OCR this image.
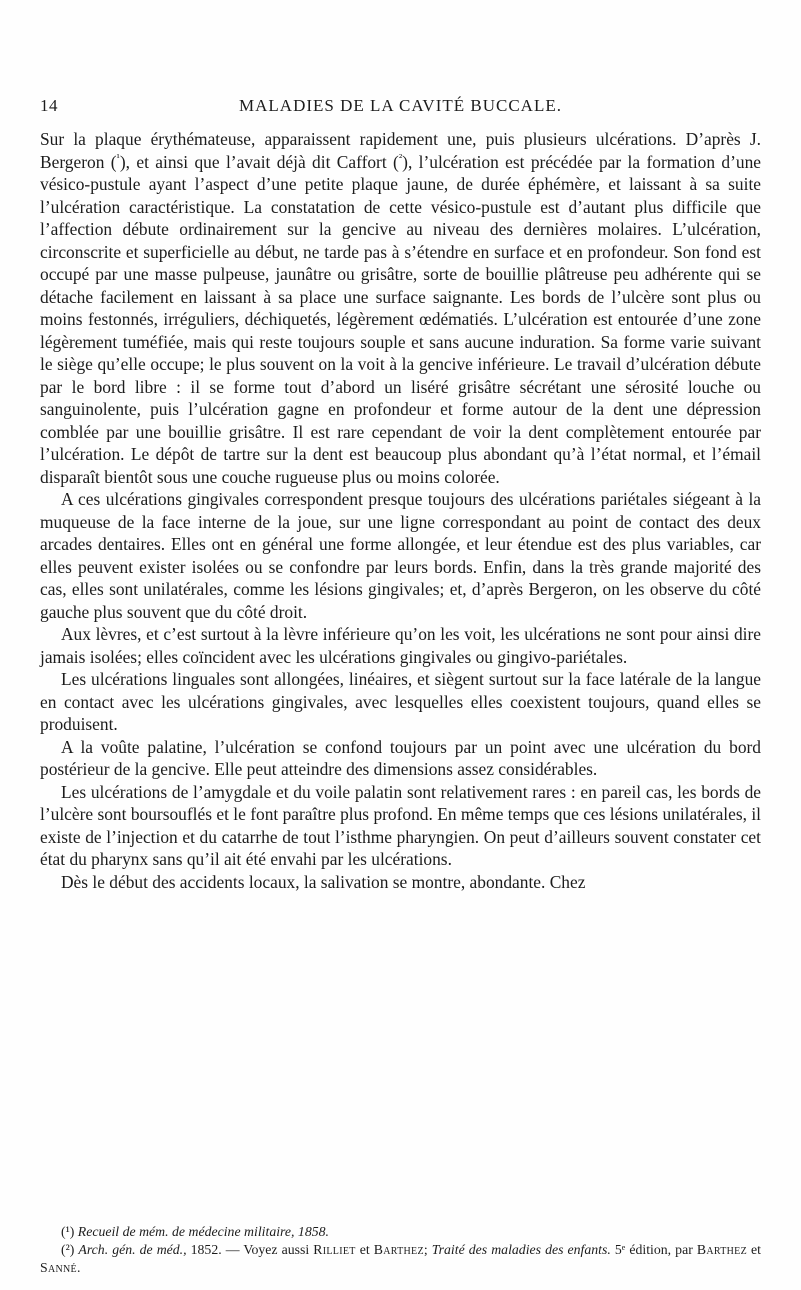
14	MALADIES DE LA CAVITÉ BUCCALE.

Sur la plaque érythémateuse, apparaissent rapidement une, puis plusieurs ulcérations. D’après J. Bergeron ($^{^1}$), et ainsi que l’avait déjà dit Caffort ($^{^2}$), l’ulcération est précédée par la formation d’une vésico-pustule ayant l’aspect d’une petite plaque jaune, de durée éphémère, et laissant à sa suite l’ulcération caractéristique. La constatation de cette vésico-pustule est d’autant plus difficile que l’affection débute ordinairement sur la gencive au niveau des dernières molaires. L’ulcération, circonscrite et superficielle au début, ne tarde pas à s’étendre en surface et en profondeur. Son fond est occupé par une masse pulpeuse, jaunâtre ou grisâtre, sorte de bouillie plâtreuse peu adhérente qui se détache facilement en laissant à sa place une surface saignante. Les bords de l’ulcère sont plus ou moins festonnés, irréguliers, déchiquetés, légèrement œdématiés. L’ulcération est entourée d’une zone légèrement tuméfiée, mais qui reste toujours souple et sans aucune induration. Sa forme varie suivant le siège qu’elle occupe; le plus souvent on la voit à la gencive inférieure. Le travail d’ulcération débute par le bord libre : il se forme tout d’abord un liséré grisâtre sécrétant une sérosité louche ou sanguinolente, puis l’ulcération gagne en profondeur et forme autour de la dent une dépression comblée par une bouillie grisâtre. Il est rare cependant de voir la dent complètement entourée par l’ulcération. Le dépôt de tartre sur la dent est beaucoup plus abondant qu’à l’état normal, et l’émail disparaît bientôt sous une couche rugueuse plus ou moins colorée.

A ces ulcérations gingivales correspondent presque toujours des ulcérations pariétales siégeant à la muqueuse de la face interne de la joue, sur une ligne correspondant au point de contact des deux arcades dentaires. Elles ont en général une forme allongée, et leur étendue est des plus variables, car elles peuvent exister isolées ou se confondre par leurs bords. Enfin, dans la très grande majorité des cas, elles sont unilatérales, comme les lésions gingivales; et, d’après Bergeron, on les observe du côté gauche plus souvent que du côté droit.

Aux lèvres, et c’est surtout à la lèvre inférieure qu’on les voit, les ulcérations ne sont pour ainsi dire jamais isolées; elles coïncident avec les ulcérations gingivales ou gingivo-pariétales.

Les ulcérations linguales sont allongées, linéaires, et siègent surtout sur la face latérale de la langue en contact avec les ulcérations gingivales, avec lesquelles elles coexistent toujours, quand elles se produisent.

A la voûte palatine, l’ulcération se confond toujours par un point avec une ulcération du bord postérieur de la gencive. Elle peut atteindre des dimensions assez considérables.

Les ulcérations de l’amygdale et du voile palatin sont relativement rares : en pareil cas, les bords de l’ulcère sont boursouflés et le font paraître plus profond. En même temps que ces lésions unilatérales, il existe de l’injection et du catarrhe de tout l’isthme pharyngien. On peut d’ailleurs souvent constater cet état du pharynx sans qu’il ait été envahi par les ulcérations.

Dès le début des accidents locaux, la salivation se montre, abondante. Chez

(¹) Recueil de mém. de médecine militaire, 1858.

(²) Arch. gén. de méd., 1852. — Voyez aussi Rilliet et Barthez; Traité des maladies des enfants. 5ᵉ édition, par Barthez et Sanné.
